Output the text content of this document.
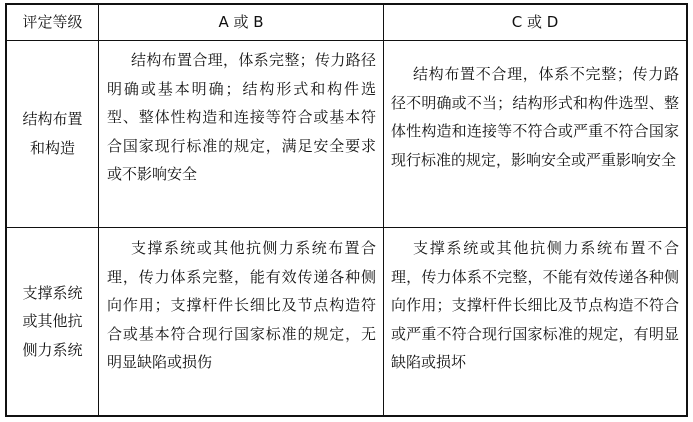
评定等级	A 或 B	C 或 D
结构布置
和构造
结构布置合理，体系完整；传力路径明确或基本明确；结构形式和构件选型、整体性构造和连接等符合或基本符合国家现行标准的规定，满足安全要求或不影响安全
结构布置不合理，体系不完整；传力路径不明确或不当；结构形式和构件选型、整体性构造和连接等不符合或严重不符合国家现行标准的规定，影响安全或严重影响安全
支撑系统
或其他抗
侧力系统
支撑系统或其他抗侧力系统布置合理，传力体系完整，能有效传递各种侧向作用；支撑杆件长细比及节点构造符合或基本符合现行国家标准的规定，无明显缺陷或损伤
支撑系统或其他抗侧力系统布置不合理，传力体系不完整，不能有效传递各种侧向作用；支撑杆件长细比及节点构造不符合或严重不符合现行国家标准的规定，有明显缺陷或损坏
